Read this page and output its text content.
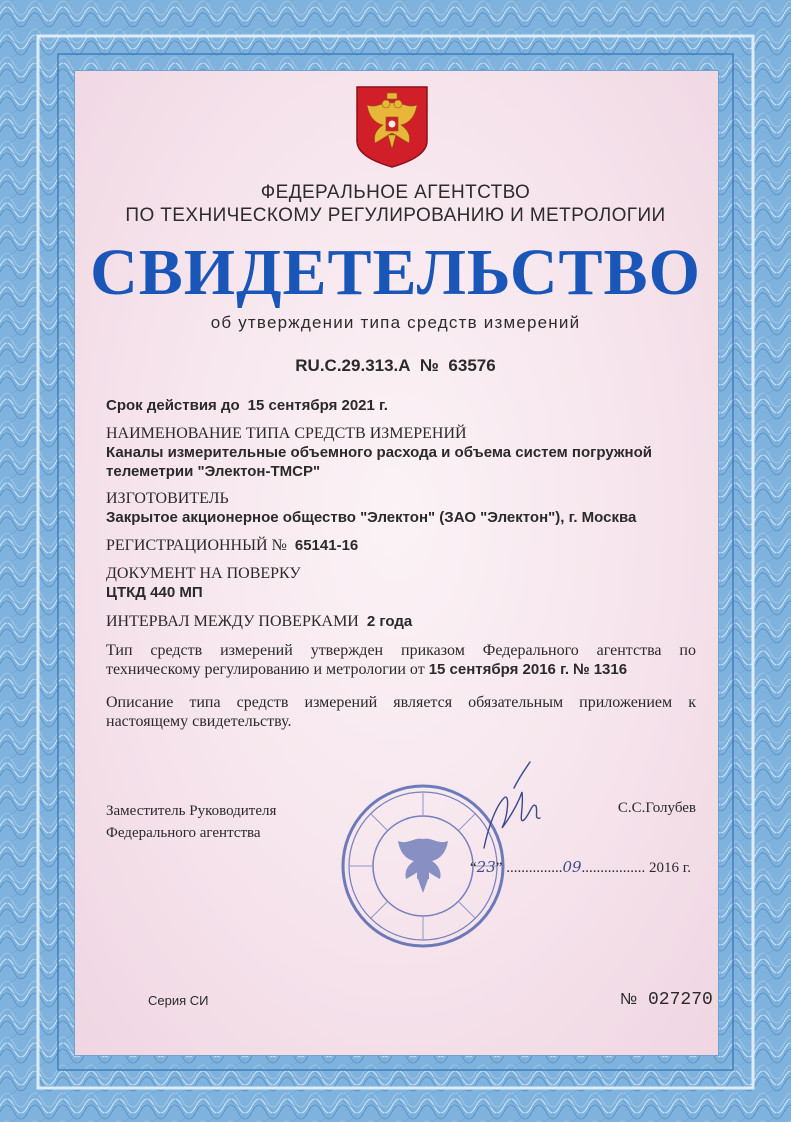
ФЕДЕРАЛЬНОЕ АГЕНТСТВО
ПО ТЕХНИЧЕСКОМУ РЕГУЛИРОВАНИЮ И МЕТРОЛОГИИ
СВИДЕТЕЛЬСТВО
об утверждении типа средств измерений
RU.C.29.313.A № 63576
Срок действия до 15 сентября 2021 г.
НАИМЕНОВАНИЕ ТИПА СРЕДСТВ ИЗМЕРЕНИЙ
Каналы измерительные объемного расхода и объема систем погружной телеметрии "Электон-ТМСР"
ИЗГОТОВИТЕЛЬ
Закрытое акционерное общество "Электон" (ЗАО "Электон"), г. Москва
РЕГИСТРАЦИОННЫЙ № 65141-16
ДОКУМЕНТ НА ПОВЕРКУ
ЦТКД 440 МП
ИНТЕРВАЛ МЕЖДУ ПОВЕРКАМИ 2 года
Тип средств измерений утвержден приказом Федерального агентства по техническому регулированию и метрологии от 15 сентября 2016 г. № 1316
Описание типа средств измерений является обязательным приложением к настоящему свидетельству.
Заместитель Руководителя
Федерального агентства
С.С.Голубев
“23” ...............09................. 2016 г.
Серия СИ	№ 027270
